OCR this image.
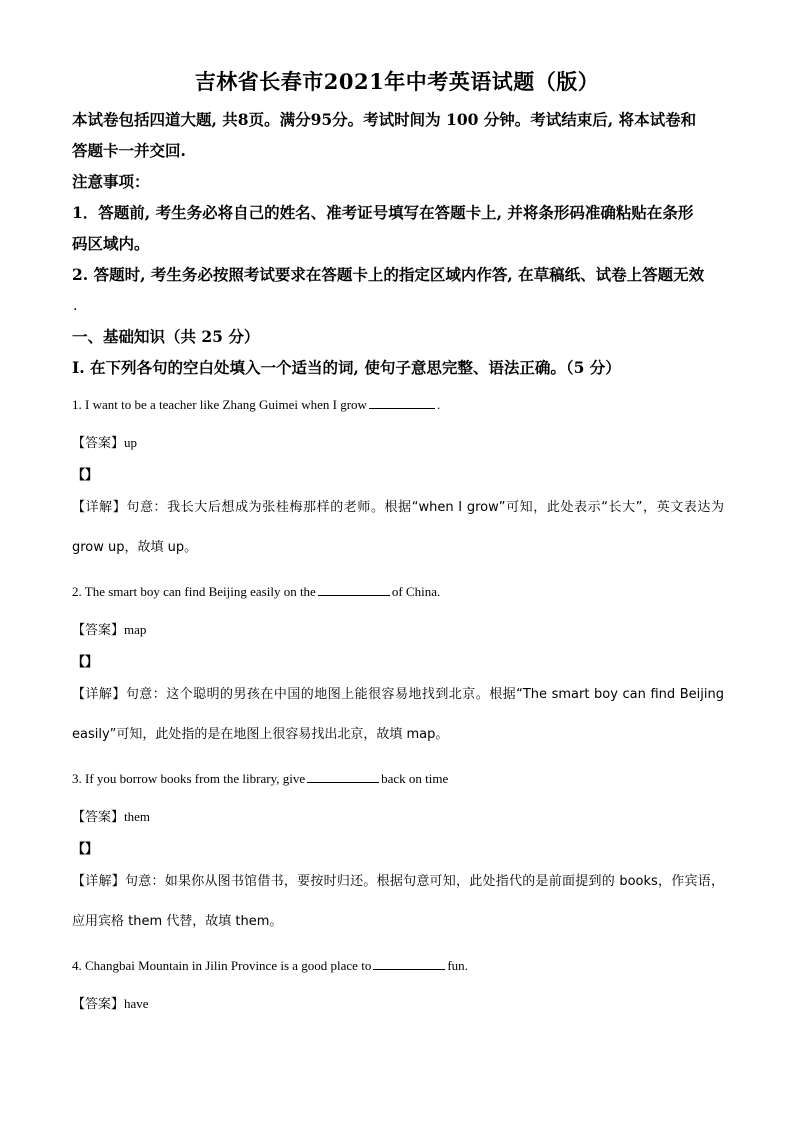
吉林省长春市2021年中考英语试题（版）

本试卷包括四道大题, 共8页。满分95分。考试时间为 100 分钟。考试结束后, 将本试卷和

答题卡一并交回.

注意事项：

1．答题前, 考生务必将自己的姓名、准考证号填写在答题卡上, 并将条形码准确粘贴在条形

码区域内。

2. 答题时, 考生务必按照考试要求在答题卡上的指定区域内作答, 在草稿纸、试卷上答题无效

.
一、基础知识（共 25 分）
I. 在下列各句的空白处填入一个适当的词, 使句子意思完整、语法正确。（5 分）
1. I want to be a teacher like Zhang Guimei when I grow	.
【答案】up
【】
【详解】句意：我长大后想成为张桂梅那样的老师。根据“when I grow”可知，此处表示“长大”，英文表达为 grow up，故填 up。
2. The smart boy can find Beijing easily on the	of China.
【答案】map
【】
【详解】句意：这个聪明的男孩在中国的地图上能很容易地找到北京。根据“The smart boy can find Beijing easily”可知，此处指的是在地图上很容易找出北京，故填 map。
3. If you borrow books from the library, give	back on time
【答案】them
【】
【详解】句意：如果你从图书馆借书，要按时归还。根据句意可知，此处指代的是前面提到的 books，作宾语，应用宾格 them 代替，故填 them。
4. Changbai Mountain in Jilin Province is a good place to	fun.
【答案】have
